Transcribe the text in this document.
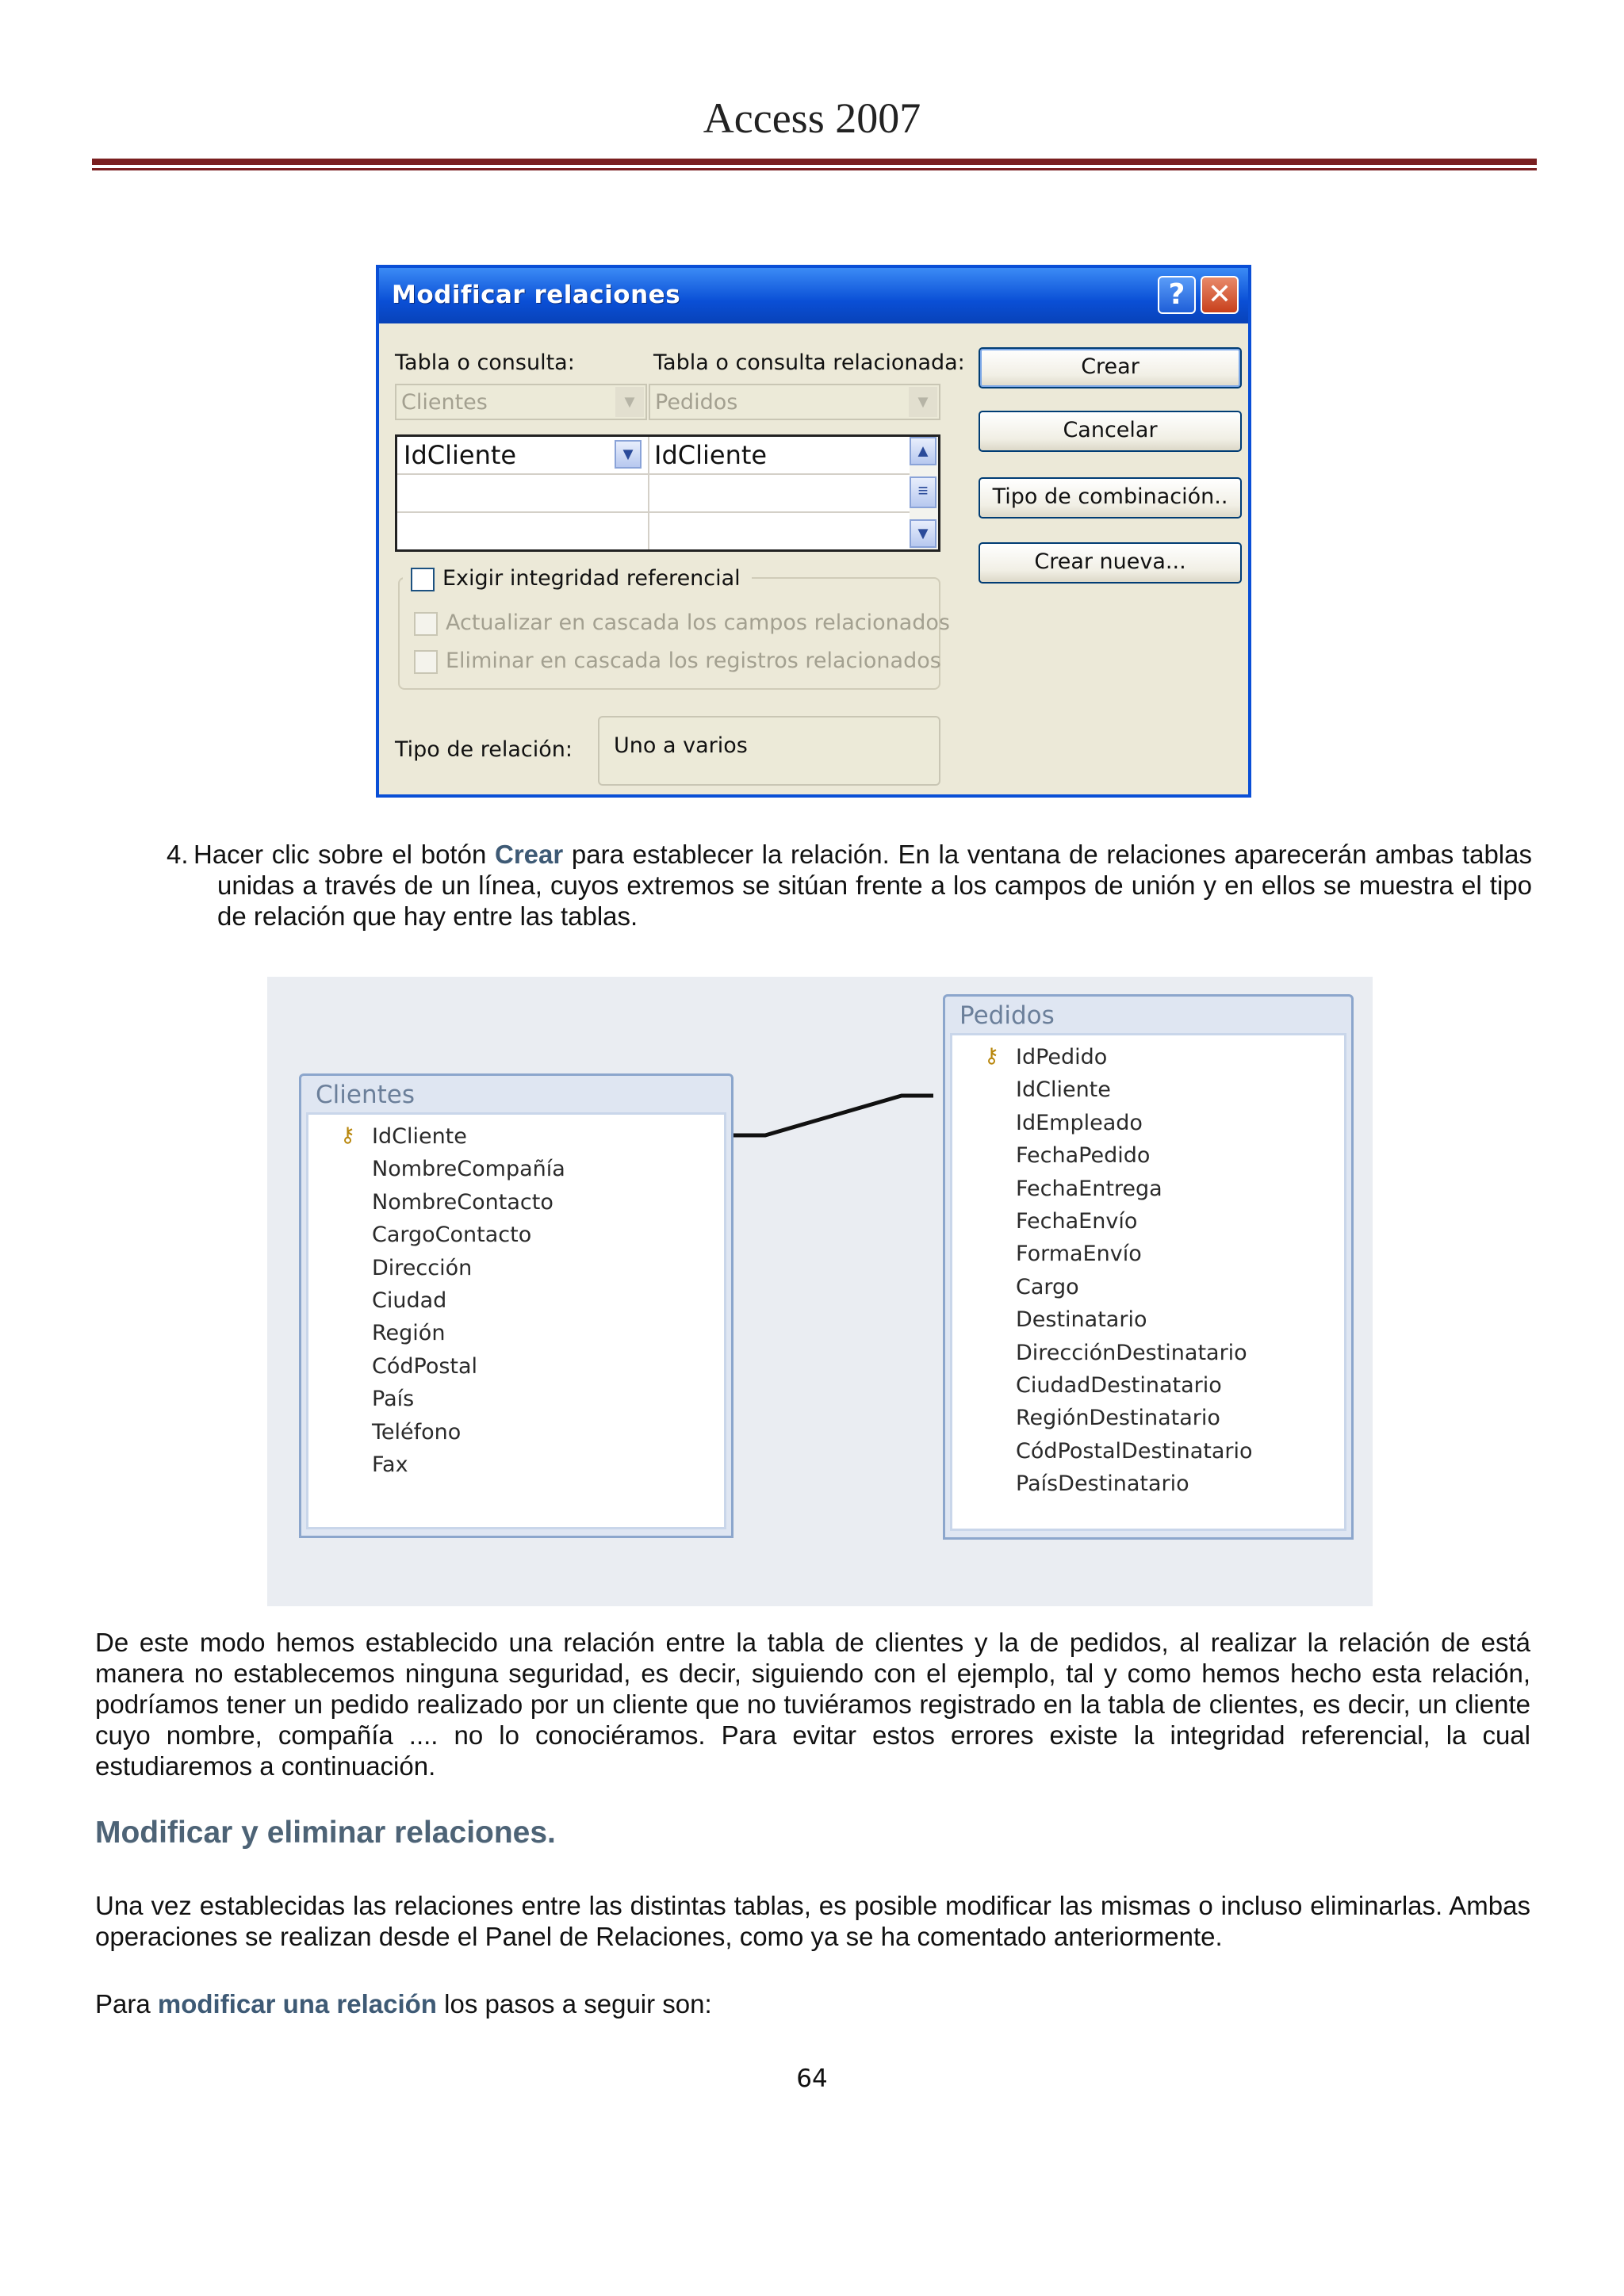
Access 2007
Modificar relaciones	? ✕
Tabla o consulta:	Tabla o consulta relacionada:
Clientes	▼ Pedidos	▼
IdCliente	▼ IdCliente	▲
≡
▼
Exigir integridad referencial
Actualizar en cascada los campos relacionados
Eliminar en cascada los registros relacionados
Tipo de relación: Uno a varios
Crear
Cancelar
Tipo de combinación..
Crear nueva...
4. Hacer clic sobre el botón Crear para establecer la relación. En la ventana de relaciones aparecerán ambas tablas unidas a través de un línea, cuyos extremos se sitúan frente a los campos de unión y en ellos se muestra el tipo de relación que hay entre las tablas.

Clientes
⚷ IdCliente
NombreCompañía
NombreContacto
CargoContacto
Dirección
Ciudad
Región
CódPostal
País
Teléfono
Fax
Pedidos
⚷ IdPedido
IdCliente
IdEmpleado
FechaPedido
FechaEntrega
FechaEnvío
FormaEnvío
Cargo
Destinatario
DirecciónDestinatario
CiudadDestinatario
RegiónDestinatario
CódPostalDestinatario
PaísDestinatario

De este modo hemos establecido una relación entre la tabla de clientes y la de pedidos, al realizar la relación de está manera no establecemos ninguna seguridad, es decir, siguiendo con el ejemplo, tal y como hemos hecho esta relación, podríamos tener un pedido realizado por un cliente que no tuviéramos registrado en la tabla de clientes, es decir, un cliente cuyo nombre, compañía .... no lo conociéramos. Para evitar estos errores existe la integridad referencial, la cual estudiaremos a continuación.

Modificar y eliminar relaciones.

Una vez establecidas las relaciones entre las distintas tablas, es posible modificar las mismas o incluso eliminarlas. Ambas operaciones se realizan desde el Panel de Relaciones, como ya se ha comentado anteriormente.

Para modificar una relación los pasos a seguir son:

64
